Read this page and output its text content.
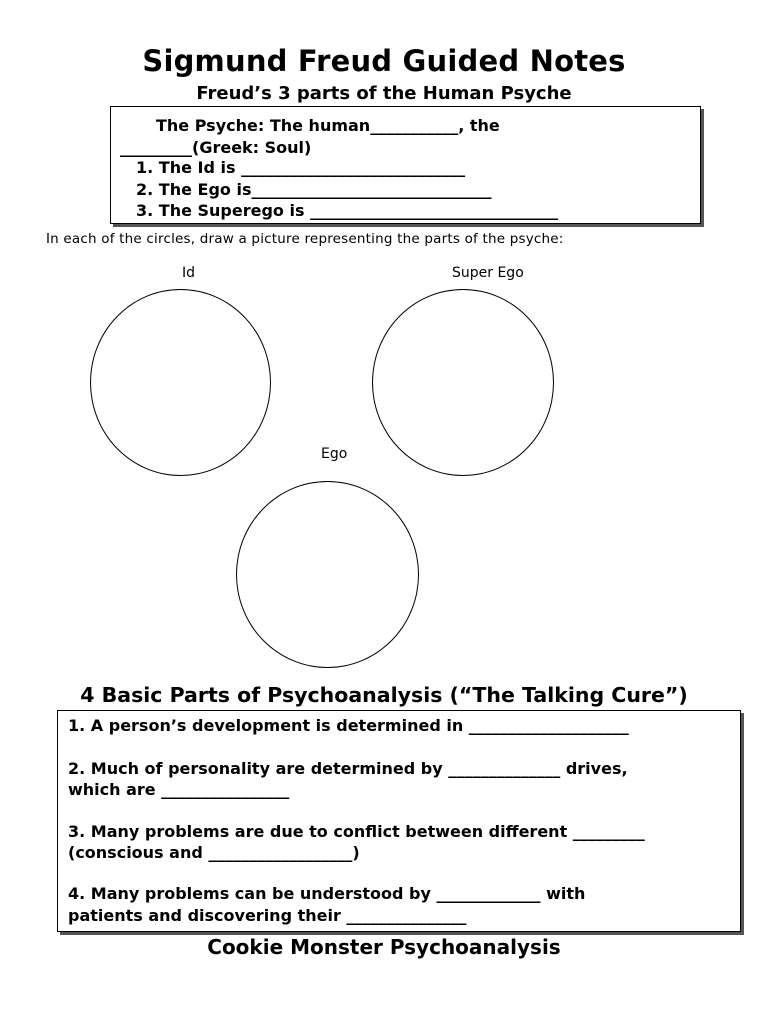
Sigmund Freud Guided Notes
Freud’s 3 parts of the Human Psyche
The Psyche: The human___________, the
_________(Greek: Soul)
1. The Id is ____________________________
2. The Ego is______________________________
3. The Superego is _______________________________
In each of the circles, draw a picture representing the parts of the psyche:
Id	Super Ego
Ego
4 Basic Parts of Psychoanalysis (“The Talking Cure”)
1. A person’s development is determined in ____________________
2. Much of personality are determined by ______________ drives,
which are ________________
3. Many problems are due to conflict between different _________
(conscious and __________________)
4. Many problems can be understood by _____________ with
patients and discovering their _______________
Cookie Monster Psychoanalysis
